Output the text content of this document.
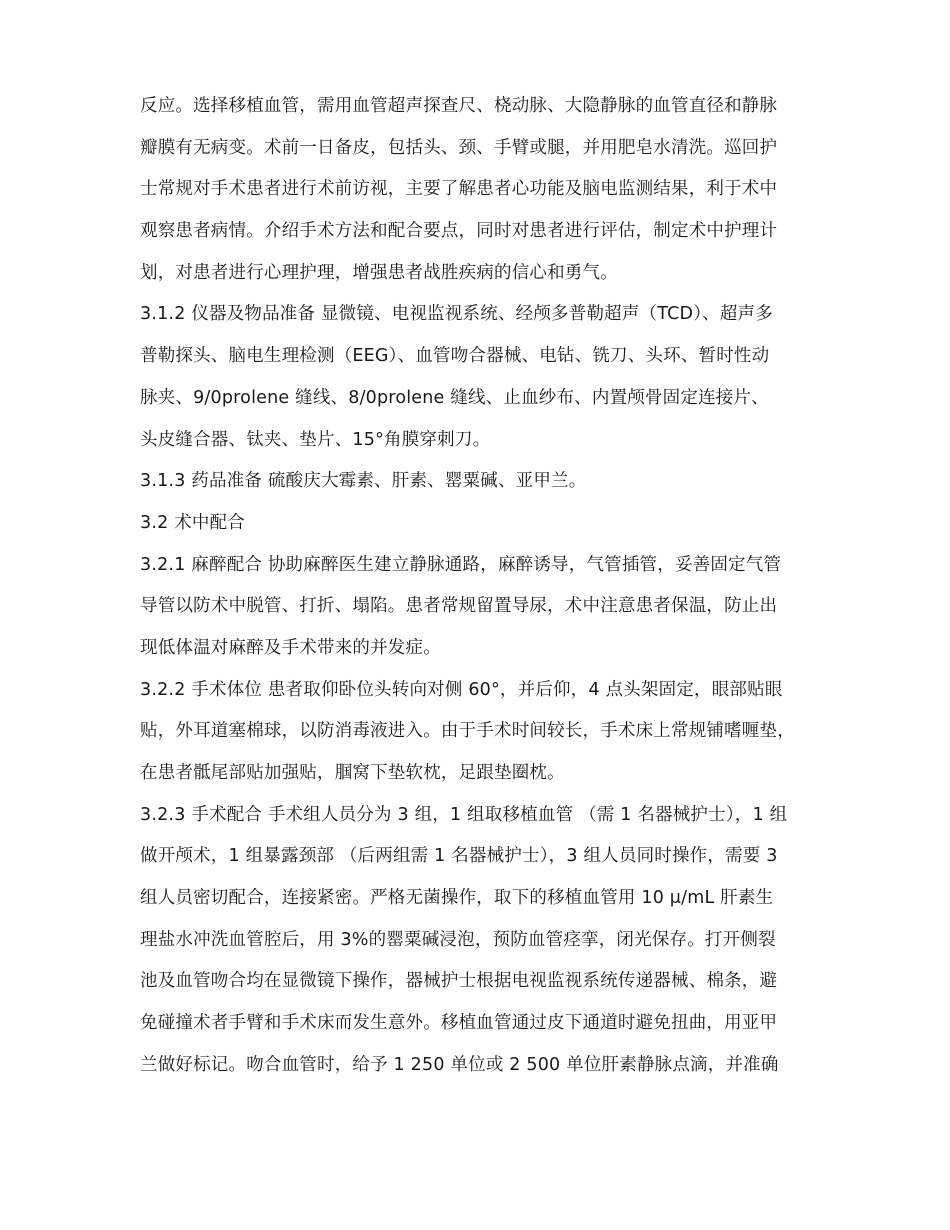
反应。选择移植血管，需用血管超声探查尺、桡动脉、大隐静脉的血管直径和静脉
瓣膜有无病变。术前一日备皮，包括头、颈、手臂或腿，并用肥皂水清洗。巡回护
士常规对手术患者进行术前访视，主要了解患者心功能及脑电监测结果，利于术中
观察患者病情。介绍手术方法和配合要点，同时对患者进行评估，制定术中护理计
划，对患者进行心理护理，增强患者战胜疾病的信心和勇气。
3.1.2 仪器及物品准备 显微镜、电视监视系统、经颅多普勒超声（TCD）、超声多
普勒探头、脑电生理检测（EEG）、血管吻合器械、电钻、铣刀、头环、暂时性动
脉夹、9/0prolene 缝线、8/0prolene 缝线、止血纱布、内置颅骨固定连接片、
头皮缝合器、钛夹、垫片、15°角膜穿刺刀。
3.1.3 药品准备 硫酸庆大霉素、肝素、罂粟碱、亚甲兰。
3.2 术中配合
3.2.1 麻醉配合 协助麻醉医生建立静脉通路，麻醉诱导，气管插管，妥善固定气管
导管以防术中脱管、打折、塌陷。患者常规留置导尿，术中注意患者保温，防止出
现低体温对麻醉及手术带来的并发症。
3.2.2 手术体位 患者取仰卧位头转向对侧 60°，并后仰，4 点头架固定，眼部贴眼
贴，外耳道塞棉球，以防消毒液进入。由于手术时间较长，手术床上常规铺嗜喱垫，
在患者骶尾部贴加强贴，腘窝下垫软枕，足跟垫圈枕。
3.2.3 手术配合 手术组人员分为 3 组，1 组取移植血管 （需 1 名器械护士），1 组
做开颅术，1 组暴露颈部 （后两组需 1 名器械护士），3 组人员同时操作，需要 3
组人员密切配合，连接紧密。严格无菌操作，取下的移植血管用 10 μ/mL 肝素生
理盐水冲洗血管腔后，用 3%的罂粟碱浸泡，预防血管痉挛，闭光保存。打开侧裂
池及血管吻合均在显微镜下操作，器械护士根据电视监视系统传递器械、棉条，避
免碰撞术者手臂和手术床而发生意外。移植血管通过皮下通道时避免扭曲，用亚甲
兰做好标记。吻合血管时，给予 1 250 单位或 2 500 单位肝素静脉点滴，并准确
